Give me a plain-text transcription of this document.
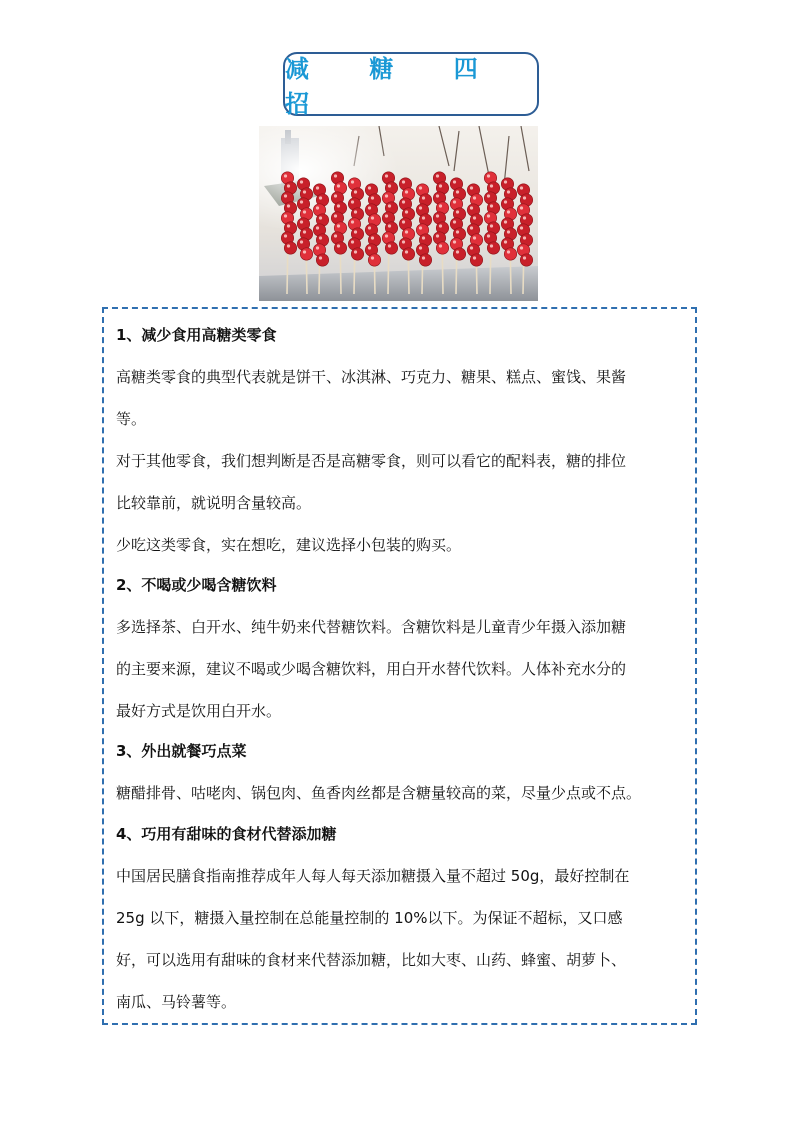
减 糖 四 招
1、减少食用高糖类零食
高糖类零食的典型代表就是饼干、冰淇淋、巧克力、糖果、糕点、蜜饯、果酱
等。
对于其他零食，我们想判断是否是高糖零食，则可以看它的配料表，糖的排位
比较靠前，就说明含量较高。
少吃这类零食，实在想吃，建议选择小包装的购买。
2、不喝或少喝含糖饮料
多选择茶、白开水、纯牛奶来代替糖饮料。含糖饮料是儿童青少年摄入添加糖
的主要来源，建议不喝或少喝含糖饮料，用白开水替代饮料。人体补充水分的
最好方式是饮用白开水。
3、外出就餐巧点菜
糖醋排骨、咕咾肉、锅包肉、鱼香肉丝都是含糖量较高的菜，尽量少点或不点。
4、巧用有甜味的食材代替添加糖
中国居民膳食指南推荐成年人每人每天添加糖摄入量不超过 50g，最好控制在
25g 以下，糖摄入量控制在总能量控制的 10%以下。为保证不超标，又口感
好，可以选用有甜味的食材来代替添加糖，比如大枣、山药、蜂蜜、胡萝卜、
南瓜、马铃薯等。
